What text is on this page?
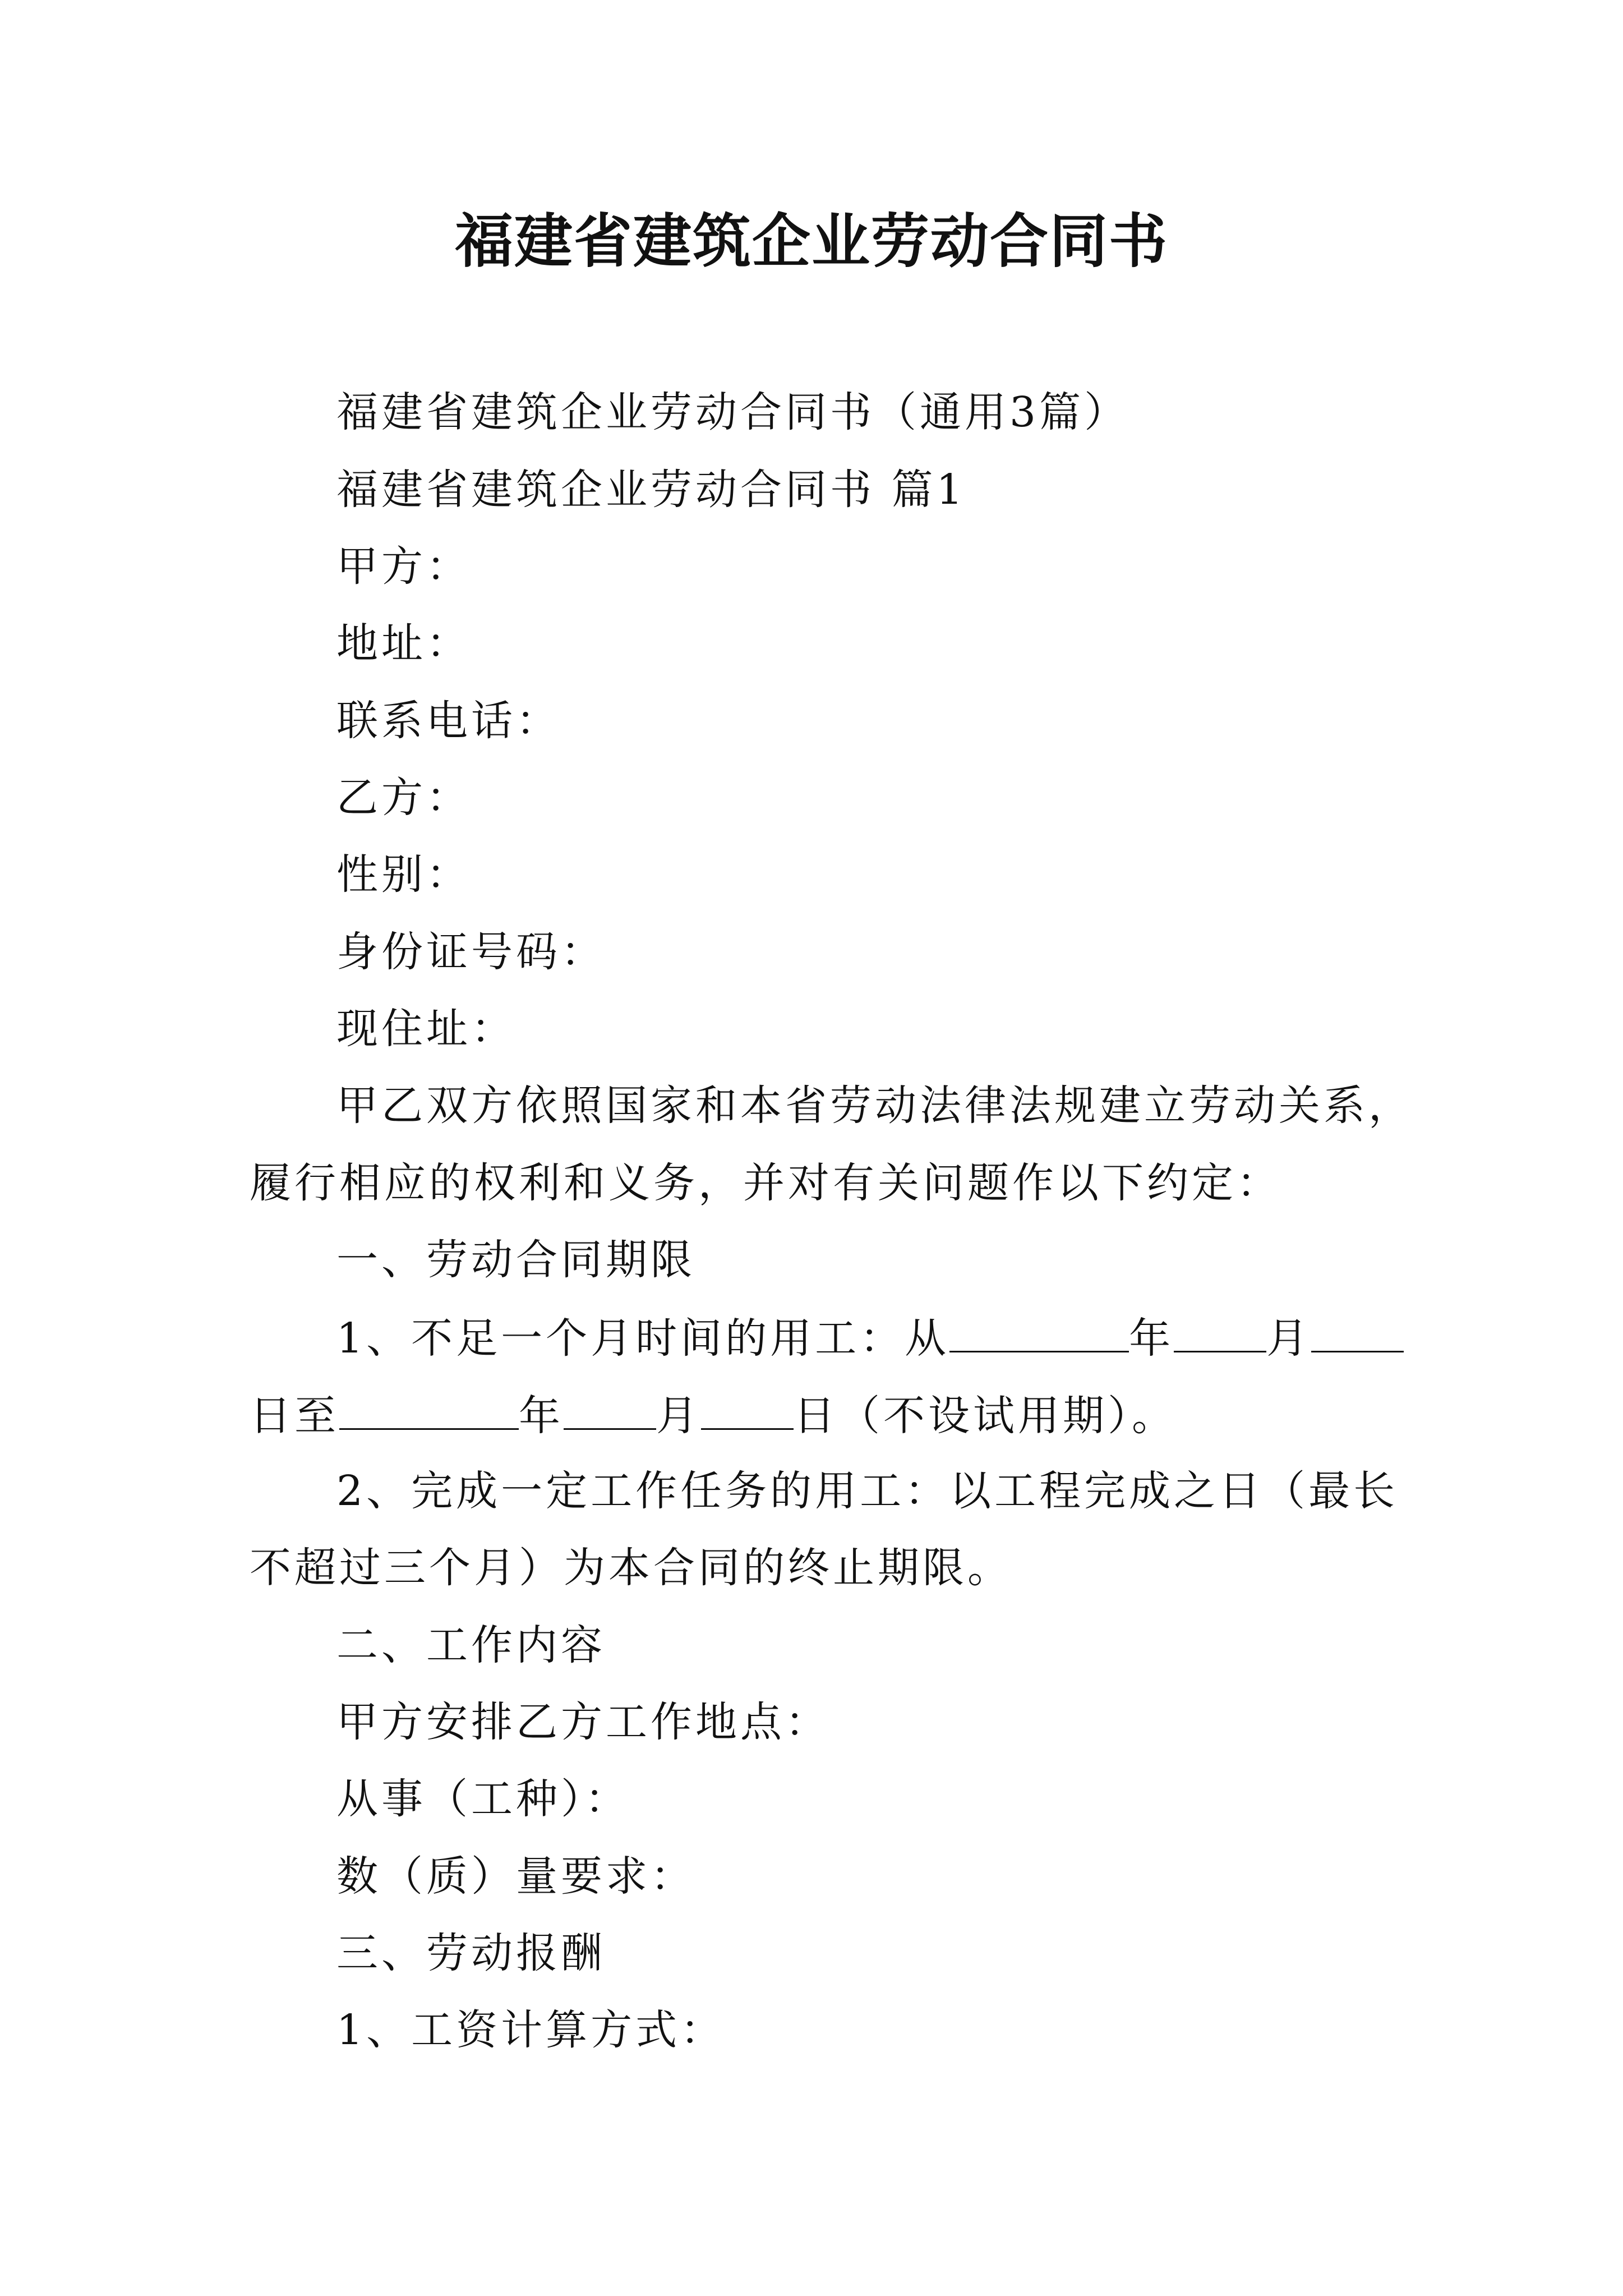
福建省建筑企业劳动合同书
福建省建筑企业劳动合同书（通用3篇）
福建省建筑企业劳动合同书 篇1
甲方：
地址：
联系电话：
乙方：
性别：
身份证号码：
现住址：
甲乙双方依照国家和本省劳动法律法规建立劳动关系，
履行相应的权利和义务，并对有关问题作以下约定：
一、劳动合同期限
1、不足一个月时间的用工：从	年 月
日至	年 月 日（不设试用期）。
2、完成一定工作任务的用工：以工程完成之日（最长
不超过三个月）为本合同的终止期限。
二、工作内容
甲方安排乙方工作地点：
从事（工种）：
数（质）量要求：
三、劳动报酬
1、工资计算方式：
